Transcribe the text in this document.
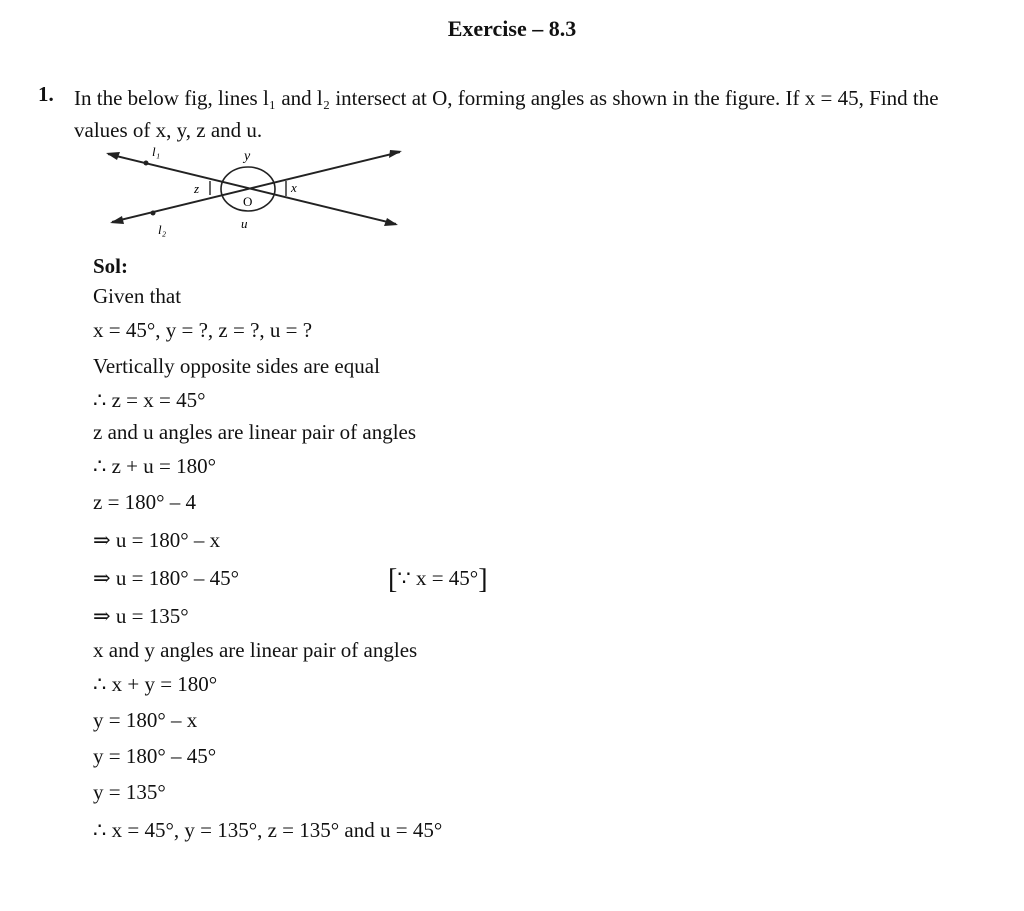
Exercise – 8.3
1. In the below fig, lines l₁ and l₂ intersect at O, forming angles as shown in the figure. If x = 45, Find the values of x, y, z and u.
l₁
l₂
y
z	x
u
O
Sol:
Given that
x = 45°, y = ?, z = ?, u = ?
Vertically opposite sides are equal
∴ z = x = 45°
z and u angles are linear pair of angles
∴ z + u = 180°
z = 180° – 4
⇒ u = 180° – x
⇒ u = 180° – 45°
⇒ u = 135°
x and y angles are linear pair of angles
∴ x + y = 180°
y = 180° – x
y = 180° – 45°
y = 135°
∴ x = 45°, y = 135°, z = 135° and u = 45°
[∵ x = 45°]
